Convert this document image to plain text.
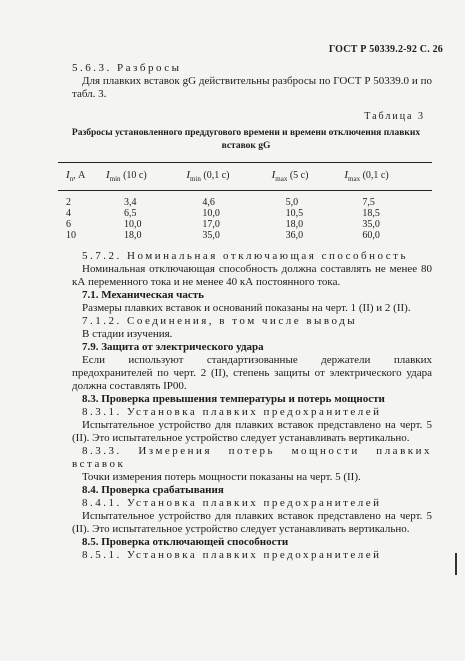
ГОСТ Р 50339.2-92 С. 26
5.6.3. Разбросы
Для плавких вставок gG действительны разбросы по ГОСТ Р 50339.0 и по табл. 3.
Таблица 3
Разбросы установленного преддугового времени и времени отключения плавких вставок gG
$I_n$, А	$I_{min}$ (10 с)	$I_{min}$ (0,1 с)	$I_{max}$ (5 с)	$I_{max}$ (0,1 с)
2	3,4	4,6	5,0	7,5
4	6,5	10,0	10,5	18,5
6	10,0	17,0	18,0	35,0
10	18,0	35,0	36,0	60,0
5.7.2. Номинальная отключающая способность
Номинальная отключающая способность должна составлять не менее 80 кА переменного тока и не менее 40 кА постоянного тока.
7.1. Механическая часть
Размеры плавких вставок и оснований показаны на черт. 1 (II) и 2 (II).
7.1.2. Соединения, в том числе выводы
В стадии изучения.
7.9. Защита от электрического удара
Если используют стандартизованные держатели плавких предохранителей по черт. 2 (II), степень защиты от электрического удара должна составлять IP00.
8.3. Проверка превышения температуры и потерь мощности
8.3.1. Установка плавких предохранителей
Испытательное устройство для плавких вставок представлено на черт. 5 (II). Это испытательное устройство следует устанавливать вертикально.
8.3.3. Измерения потерь мощности плавких вставок
Точки измерения потерь мощности показаны на черт. 5 (II).
8.4. Проверка срабатывания
8.4.1. Установка плавких предохранителей
Испытательное устройство для плавких вставок представлено на черт. 5 (II). Это испытательное устройство следует устанавливать вертикально.
8.5. Проверка отключающей способности
8.5.1. Установка плавких предохранителей
